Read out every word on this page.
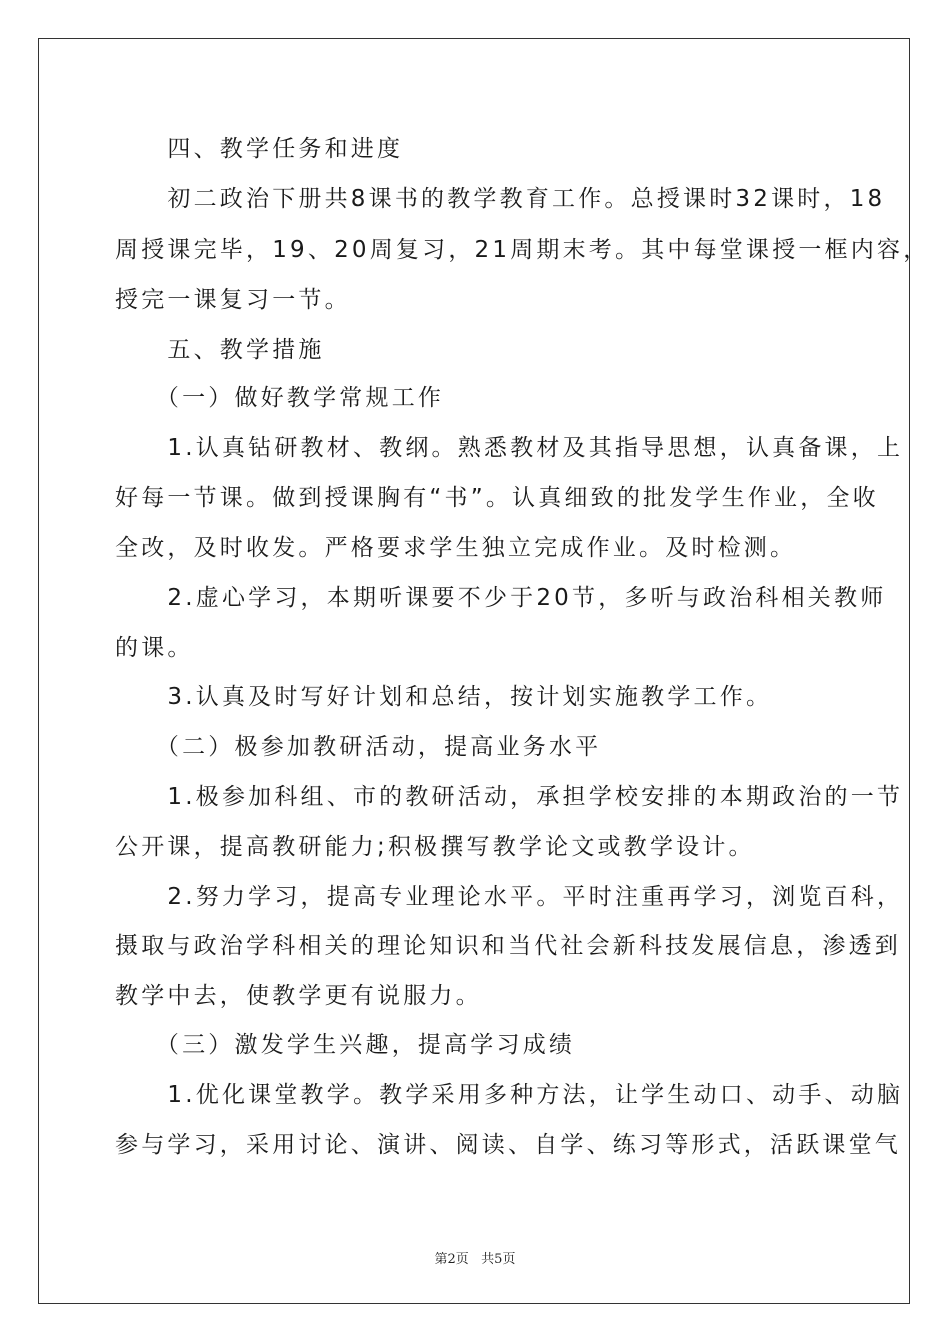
　　四、教学任务和进度
　　初二政治下册共8课书的教学教育工作。总授课时32课时，18
周授课完毕，19、20周复习，21周期末考。其中每堂课授一框内容，
授完一课复习一节。
　　五、教学措施
　　（一）做好教学常规工作
　　1.认真钻研教材、教纲。熟悉教材及其指导思想，认真备课，上
好每一节课。做到授课胸有“书”。认真细致的批发学生作业，全收
全改，及时收发。严格要求学生独立完成作业。及时检测。
　　2.虚心学习，本期听课要不少于20节，多听与政治科相关教师
的课。
　　3.认真及时写好计划和总结，按计划实施教学工作。
　　（二）极参加教研活动，提高业务水平
　　1.极参加科组、市的教研活动，承担学校安排的本期政治的一节
公开课，提高教研能力;积极撰写教学论文或教学设计。
　　2.努力学习，提高专业理论水平。平时注重再学习，浏览百科，
摄取与政治学科相关的理论知识和当代社会新科技发展信息，渗透到
教学中去，使教学更有说服力。
　　（三）激发学生兴趣，提高学习成绩
　　1.优化课堂教学。教学采用多种方法，让学生动口、动手、动脑
参与学习，采用讨论、演讲、阅读、自学、练习等形式，活跃课堂气
第2页   共5页
